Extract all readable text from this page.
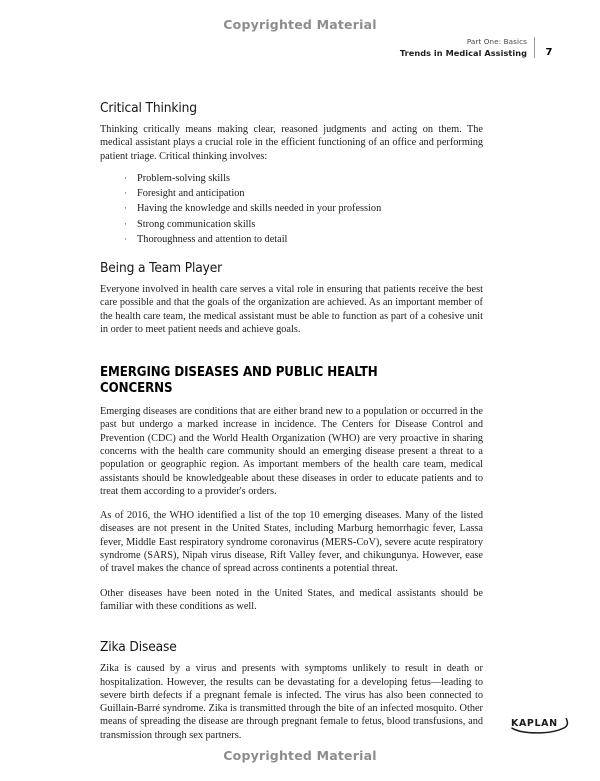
Copyrighted Material
Part One: Basics
Trends in Medical Assisting	7
Critical Thinking

Thinking critically means making clear, reasoned judgments and acting on them. The medical assistant plays a crucial role in the efficient functioning of an office and performing patient triage. Critical thinking involves:

· Problem-solving skills
· Foresight and anticipation
· Having the knowledge and skills needed in your profession
· Strong communication skills
· Thoroughness and attention to detail
Being a Team Player

Everyone involved in health care serves a vital role in ensuring that patients receive the best care possible and that the goals of the organization are achieved. As an important member of the health care team, the medical assistant must be able to function as part of a cohesive unit in order to meet patient needs and achieve goals.

EMERGING DISEASES AND PUBLIC HEALTH CONCERNS

Emerging diseases are conditions that are either brand new to a population or occurred in the past but undergo a marked increase in incidence. The Centers for Disease Control and Prevention (CDC) and the World Health Organization (WHO) are very proactive in sharing concerns with the health care community should an emerging disease present a threat to a population or geographic region. As important members of the health care team, medical assistants should be knowledgeable about these diseases in order to educate patients and to treat them according to a provider's orders.

As of 2016, the WHO identified a list of the top 10 emerging diseases. Many of the listed diseases are not present in the United States, including Marburg hemorrhagic fever, Lassa fever, Middle East respiratory syndrome coronavirus (MERS-CoV), severe acute respiratory syndrome (SARS), Nipah virus disease, Rift Valley fever, and chikungunya. However, ease of travel makes the chance of spread across continents a potential threat.

Other diseases have been noted in the United States, and medical assistants should be familiar with these conditions as well.

Zika Disease

Zika is caused by a virus and presents with symptoms unlikely to result in death or hospitalization. However, the results can be devastating for a developing fetus—leading to severe birth defects if a pregnant female is infected. The virus has also been connected to Guillain-Barré syndrome. Zika is transmitted through the bite of an infected mosquito. Other means of spreading the disease are through pregnant female to fetus, blood transfusions, and transmission through sex partners.

KAPLAN
Copyrighted Material
